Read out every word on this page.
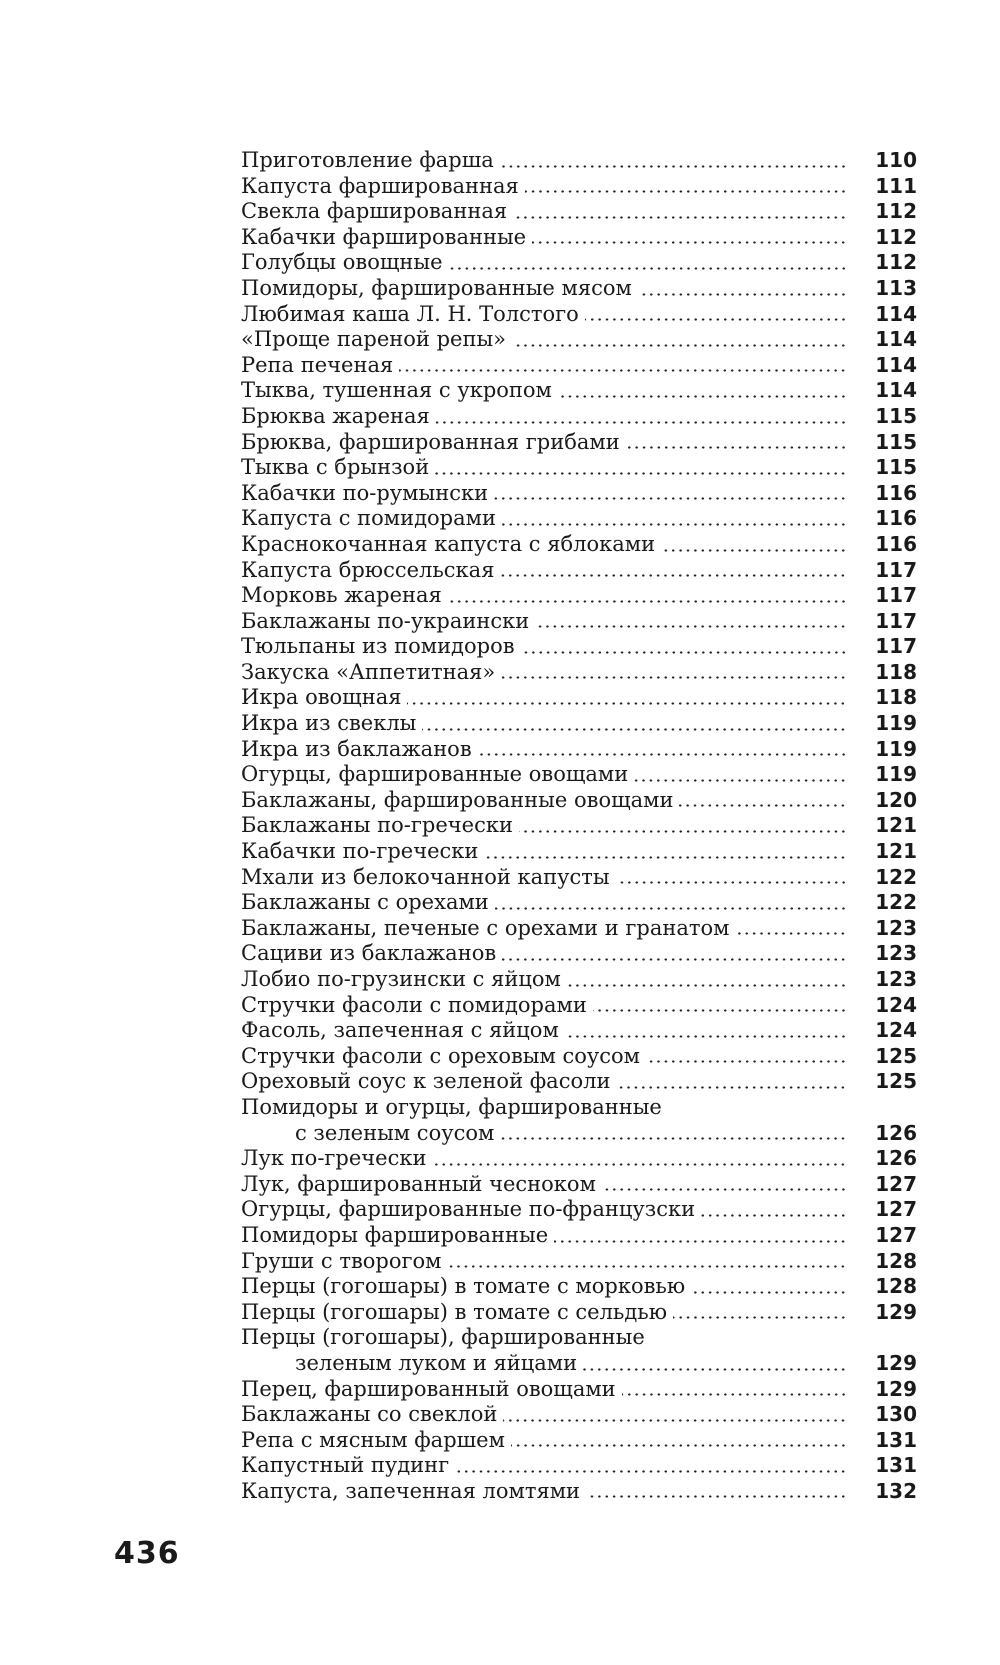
Приготовление фарша	110
Капуста фаршированная	111
Свекла фаршированная	112
Кабачки фаршированные	112
Голубцы овощные	112
Помидоры, фаршированные мясом	113
Любимая каша Л. Н. Толстого	114
«Проще пареной репы»	114
Репа печеная	114
Тыква, тушенная с укропом	114
Брюква жареная	115
Брюква, фаршированная грибами	115
Тыква с брынзой	115
Кабачки по-румынски	116
Капуста с помидорами	116
Краснокочанная капуста с яблоками	116
Капуста брюссельская	117
Морковь жареная	117
Баклажаны по-украински	117
Тюльпаны из помидоров	117
Закуска «Аппетитная»	118
Икра овощная	118
Икра из свеклы	119
Икра из баклажанов	119
Огурцы, фаршированные овощами	119
Баклажаны, фаршированные овощами	120
Баклажаны по-гречески	121
Кабачки по-гречески	121
Мхали из белокочанной капусты	122
Баклажаны с орехами	122
Баклажаны, печеные с орехами и гранатом	123
Сациви из баклажанов	123
Лобио по-грузински с яйцом	123
Стручки фасоли с помидорами	124
Фасоль, запеченная с яйцом	124
Стручки фасоли с ореховым соусом	125
Ореховый соус к зеленой фасоли	125
Помидоры и огурцы, фаршированные
с зеленым соусом	126
Лук по-гречески	126
Лук, фаршированный чесноком	127
Огурцы, фаршированные по-французски	127
Помидоры фаршированные	127
Груши с творогом	128
Перцы (гогошары) в томате с морковью	128
Перцы (гогошары) в томате с сельдью	129
Перцы (гогошары), фаршированные
зеленым луком и яйцами	129
Перец, фаршированный овощами	129
Баклажаны со свеклой	130
Репа с мясным фаршем	131
Капустный пудинг	131
Капуста, запеченная ломтями	132
436
